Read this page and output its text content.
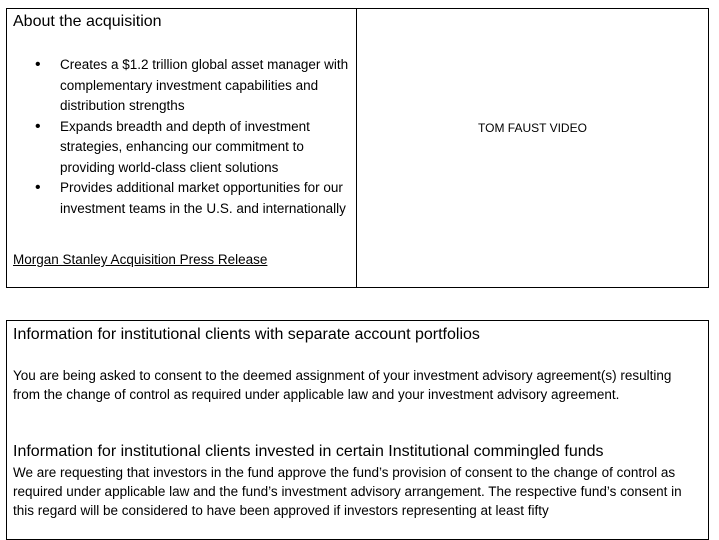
About the acquisition
• Creates a $1.2 trillion global asset manager with complementary investment capabilities and distribution strengths
• Expands breadth and depth of investment strategies, enhancing our commitment to providing world-class client solutions
• Provides additional market opportunities for our investment teams in the U.S. and internationally
Morgan Stanley Acquisition Press Release
TOM FAUST VIDEO
Information for institutional clients with separate account portfolios

You are being asked to consent to the deemed assignment of your investment advisory agreement(s) resulting from the change of control as required under applicable law and your investment advisory agreement.

Information for institutional clients invested in certain Institutional commingled funds

We are requesting that investors in the fund approve the fund’s provision of consent to the change of control as required under applicable law and the fund’s investment advisory arrangement. The respective fund’s consent in this regard will be considered to have been approved if investors representing at least fifty
